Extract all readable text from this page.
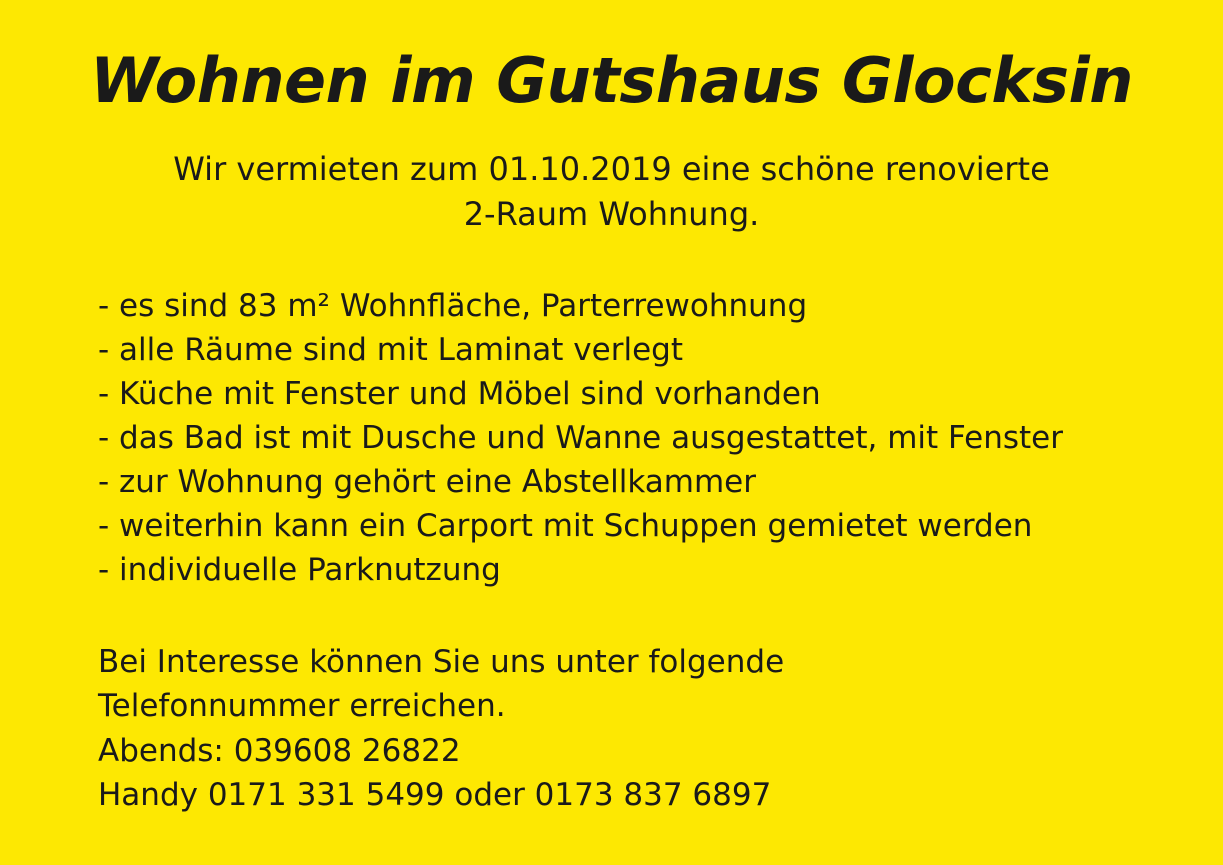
Wohnen im Gutshaus Glocksin

Wir vermieten zum 01.10.2019 eine schöne renovierte
2-Raum Wohnung.

- es sind 83 m² Wohnfläche, Parterrewohnung
- alle Räume sind mit Laminat verlegt
- Küche mit Fenster und Möbel sind vorhanden
- das Bad ist mit Dusche und Wanne ausgestattet, mit Fenster
- zur Wohnung gehört eine Abstellkammer
- weiterhin kann ein Carport mit Schuppen gemietet werden
- individuelle Parknutzung
Bei Interesse können Sie uns unter folgende Telefonnummer erreichen.
Abends: 039608 26822
Handy 0171 331 5499 oder 0173 837 6897
